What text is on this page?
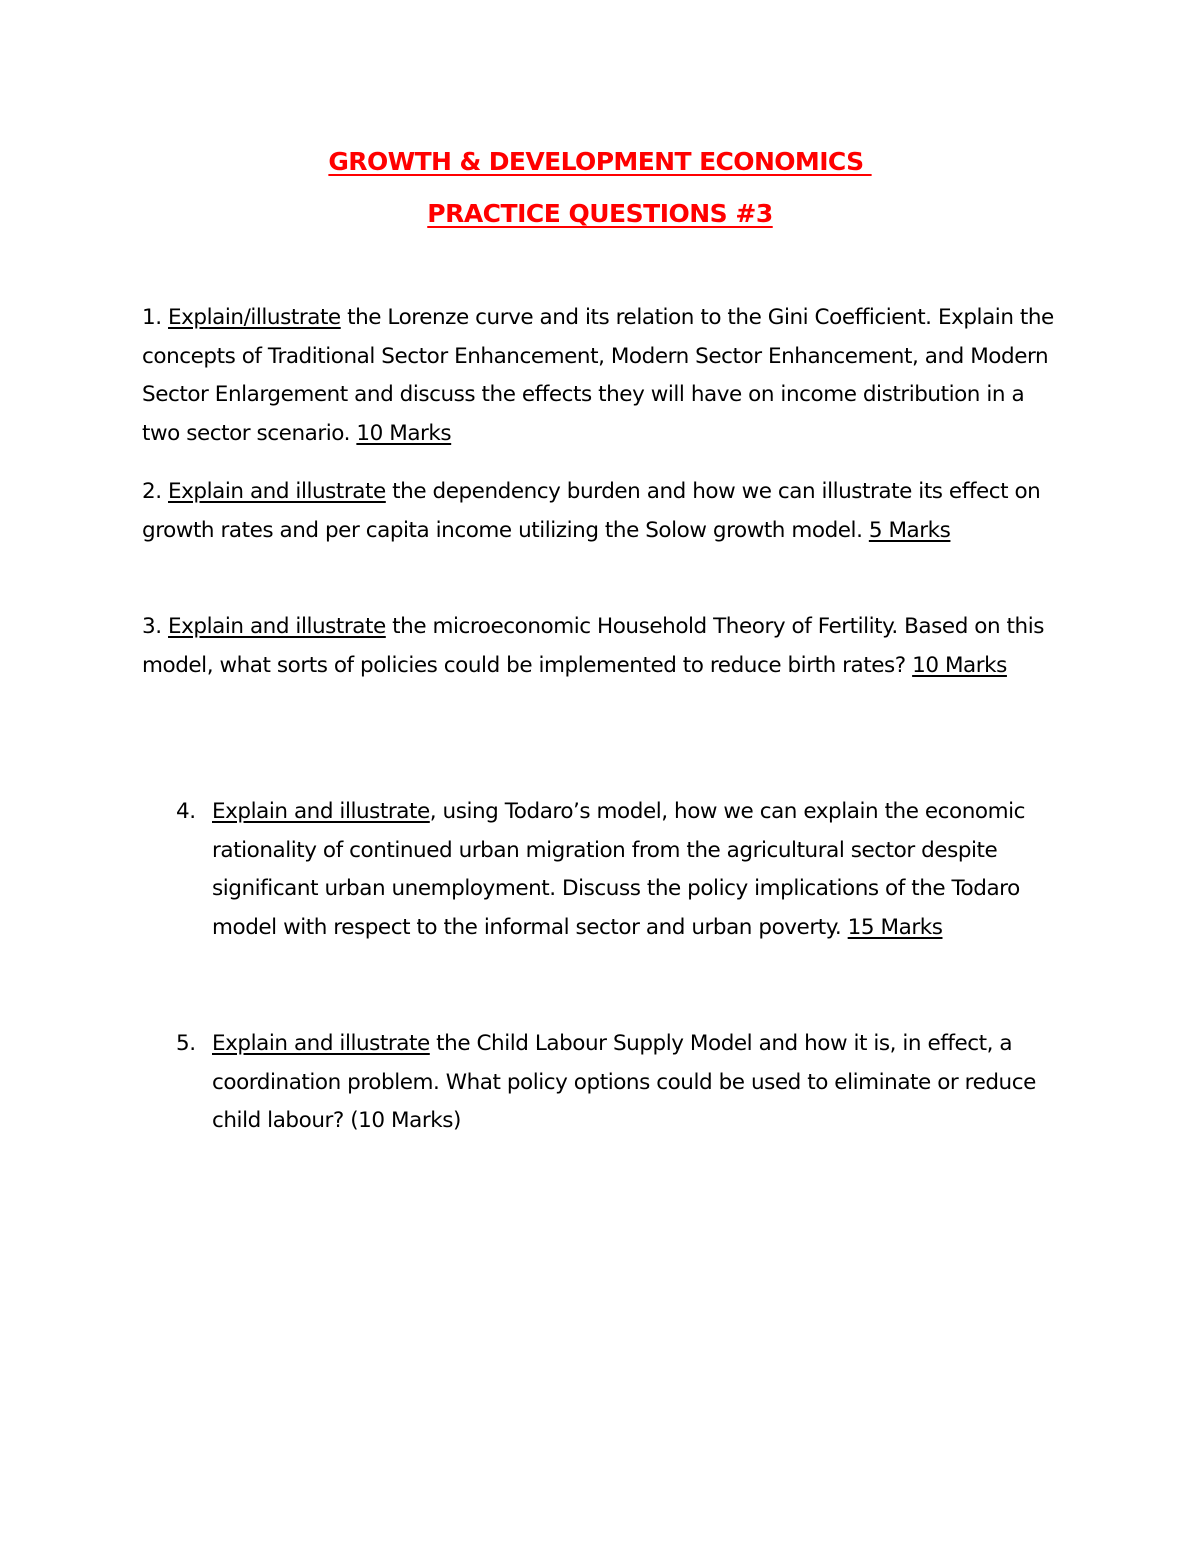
GROWTH & DEVELOPMENT ECONOMICS
PRACTICE QUESTIONS #3
1. Explain/illustrate the Lorenze curve and its relation to the Gini Coefficient. Explain the concepts of Traditional Sector Enhancement, Modern Sector Enhancement, and Modern Sector Enlargement and discuss the effects they will have on income distribution in a two sector scenario. 10 Marks
2. Explain and illustrate the dependency burden and how we can illustrate its effect on growth rates and per capita income utilizing the Solow growth model. 5 Marks
3. Explain and illustrate the microeconomic Household Theory of Fertility. Based on this model, what sorts of policies could be implemented to reduce birth rates? 10 Marks
4. Explain and illustrate, using Todaro’s model, how we can explain the economic rationality of continued urban migration from the agricultural sector despite significant urban unemployment. Discuss the policy implications of the Todaro model with respect to the informal sector and urban poverty. 15 Marks
5. Explain and illustrate the Child Labour Supply Model and how it is, in effect, a coordination problem. What policy options could be used to eliminate or reduce child labour? (10 Marks)
